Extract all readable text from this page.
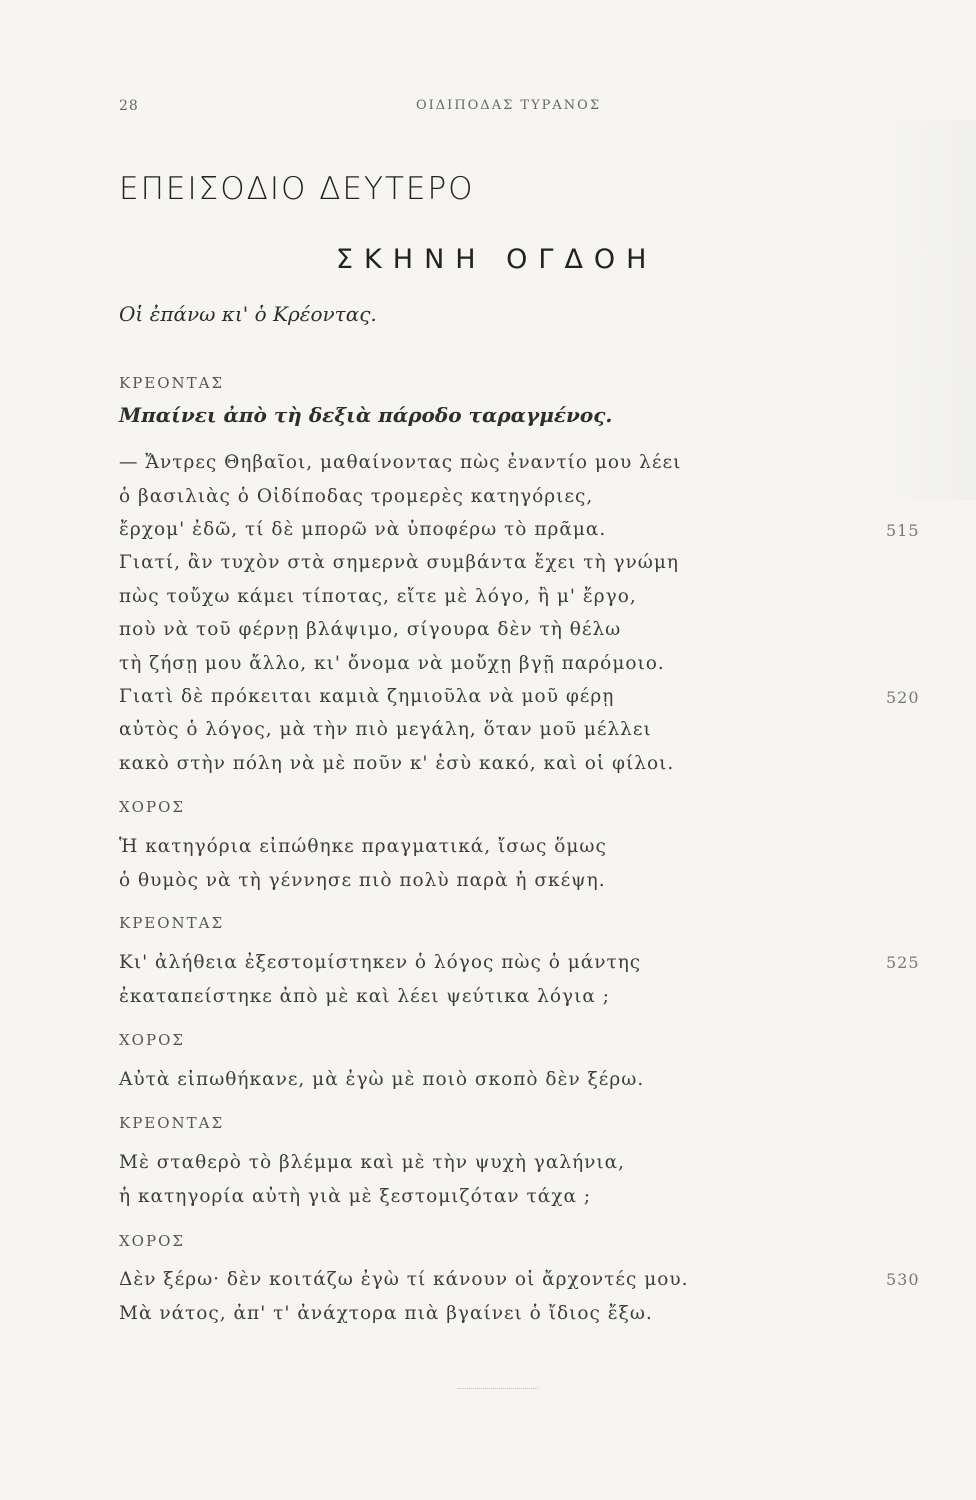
28	ΟΙΔΙΠΟΔΑΣ ΤΥΡΑΝΟΣ
ΕΠΕΙΣΟΔΙΟ ΔΕΥΤΕΡΟ
ΣΚΗΝΗ ΟΓΔΟΗ
Οἱ ἐπάνω κι' ὁ Κρέοντας.
ΚΡΕΟΝΤΑΣ
Μπαίνει ἀπὸ τὴ δεξιὰ πάροδο ταραγμένος.
— Ἄντρες Θηβαῖοι, μαθαίνοντας πὼς ἐναντίο μου λέει
ὁ βασιλιὰς ὁ Οἰδίποδας τρομερὲς κατηγόριες,
ἔρχομ' ἐδῶ, τί δὲ μπορῶ νὰ ὑποφέρω τὸ πρᾶμα.	515
Γιατί, ἂν τυχὸν στὰ σημερνὰ συμβάντα ἔχει τὴ γνώμη
πὼς τοὔχω κάμει τίποτας, εἴτε μὲ λόγο, ἢ μ' ἔργο,
ποὺ νὰ τοῦ φέρνῃ βλάψιμο, σίγουρα δὲν τὴ θέλω
τὴ ζήσῃ μου ἄλλο, κι' ὄνομα νὰ μοὔχῃ βγῇ παρόμοιο.
Γιατὶ δὲ πρόκειται καμιὰ ζημιοῦλα νὰ μοῦ φέρῃ	520
αὐτὸς ὁ λόγος, μὰ τὴν πιὸ μεγάλη, ὅταν μοῦ μέλλει
κακὸ στὴν πόλη νὰ μὲ ποῦν κ' ἐσὺ κακό, καὶ οἱ φίλοι.
ΧΟΡΟΣ
Ἡ κατηγόρια εἰπώθηκε πραγματικά, ἴσως ὅμως
ὁ θυμὸς νὰ τὴ γέννησε πιὸ πολὺ παρὰ ἡ σκέψη.
ΚΡΕΟΝΤΑΣ
Κι' ἀλήθεια ἐξεστομίστηκεν ὁ λόγος πὼς ὁ μάντης	525
ἐκαταπείστηκε ἀπὸ μὲ καὶ λέει ψεύτικα λόγια ;
ΧΟΡΟΣ
Αὐτὰ εἰπωθήκανε, μὰ ἐγὼ μὲ ποιὸ σκοπὸ δὲν ξέρω.
ΚΡΕΟΝΤΑΣ
Μὲ σταθερὸ τὸ βλέμμα καὶ μὲ τὴν ψυχὴ γαλήνια,
ἡ κατηγορία αὐτὴ γιὰ μὲ ξεστομιζόταν τάχα ;
ΧΟΡΟΣ
Δὲν ξέρω· δὲν κοιτάζω ἐγὼ τί κάνουν οἱ ἄρχοντές μου.	530
Μὰ νάτος, ἀπ' τ' ἀνάχτορα πιὰ βγαίνει ὁ ἴδιος ἔξω.
